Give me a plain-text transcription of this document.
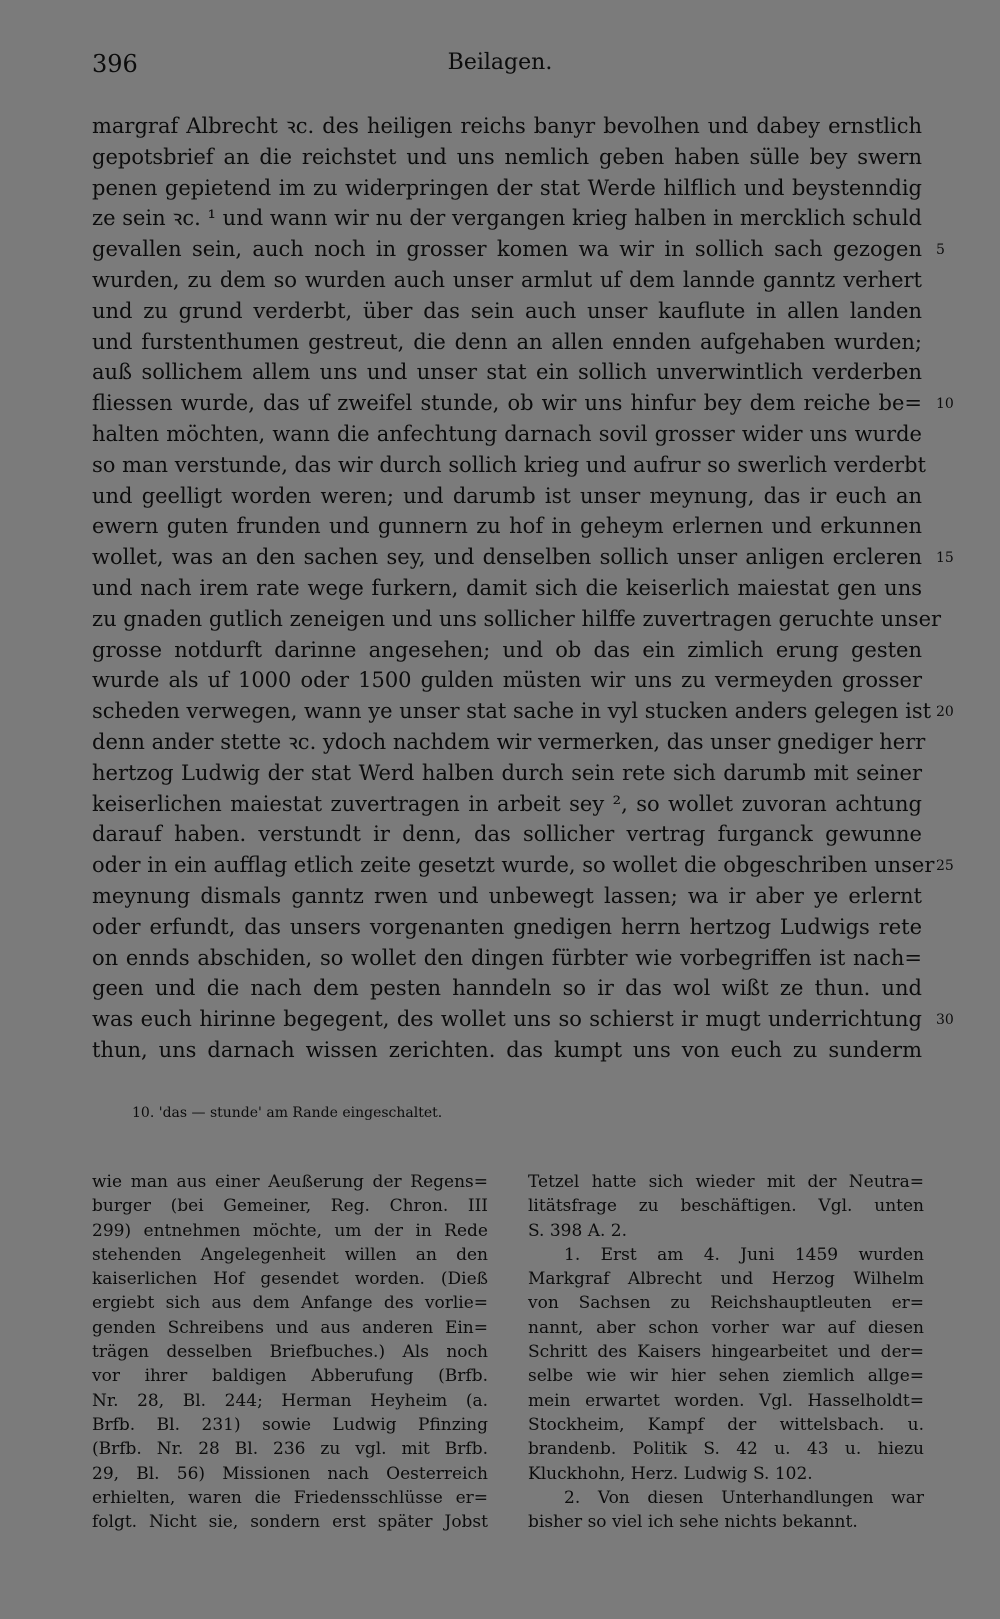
396	Beilagen.
margraf Albrecht ꝛc. des heiligen reichs banyr bevolhen und dabey ernstlich
gepotsbrief an die reichstet und uns nemlich geben haben sülle bey swern
penen gepietend im zu widerpringen der stat Werde hilflich und beystenndig
ze sein ꝛc. ¹ und wann wir nu der vergangen krieg halben in mercklich schuld
gevallen sein, auch noch in grosser komen wa wir in sollich sach gezogen
wurden, zu dem so wurden auch unser armlut uf dem lannde ganntz verhert
und zu grund verderbt, über das sein auch unser kauflute in allen landen
und furstenthumen gestreut, die denn an allen ennden aufgehaben wurden;
auß sollichem allem uns und unser stat ein sollich unverwintlich verderben
fliessen wurde, das uf zweifel stunde, ob wir uns hinfur bey dem reiche be=
halten möchten, wann die anfechtung darnach sovil grosser wider uns wurde
so man verstunde, das wir durch sollich krieg und aufrur so swerlich verderbt
und geelligt worden weren; und darumb ist unser meynung, das ir euch an
ewern guten frunden und gunnern zu hof in geheym erlernen und erkunnen
wollet, was an den sachen sey, und denselben sollich unser anligen ercleren
und nach irem rate wege furkern, damit sich die keiserlich maiestat gen uns
zu gnaden gutlich zeneigen und uns sollicher hilffe zuvertragen geruchte unser
grosse notdurft darinne angesehen; und ob das ein zimlich erung gesten
wurde als uf 1000 oder 1500 gulden müsten wir uns zu vermeyden grosser
scheden verwegen, wann ye unser stat sache in vyl stucken anders gelegen ist
denn ander stette ꝛc. ydoch nachdem wir vermerken, das unser gnediger herr
hertzog Ludwig der stat Werd halben durch sein rete sich darumb mit seiner
keiserlichen maiestat zuvertragen in arbeit sey ², so wollet zuvoran achtung
darauf haben. verstundt ir denn, das sollicher vertrag furganck gewunne
oder in ein aufflag etlich zeite gesetzt wurde, so wollet die obgeschriben unser
meynung dismals ganntz rwen und unbewegt lassen; wa ir aber ye erlernt
oder erfundt, das unsers vorgenanten gnedigen herrn hertzog Ludwigs rete
on ennds abschiden, so wollet den dingen fürbter wie vorbegriffen ist nach=
geen und die nach dem pesten hanndeln so ir das wol wißt ze thun. und
was euch hirinne begegent, des wollet uns so schierst ir mugt underrichtung
thun, uns darnach wissen zerichten. das kumpt uns von euch zu sunderm
5
10
15
20
25
30
10. 'das — stunde' am Rande eingeschaltet.
wie man aus einer Aeußerung der Regens=
burger (bei Gemeiner, Reg. Chron. III
299) entnehmen möchte, um der in Rede
stehenden Angelegenheit willen an den
kaiserlichen Hof gesendet worden. (Dieß
ergiebt sich aus dem Anfange des vorlie=
genden Schreibens und aus anderen Ein=
trägen desselben Briefbuches.) Als noch
vor ihrer baldigen Abberufung (Brfb.
Nr. 28, Bl. 244; Herman Heyheim (a.
Brfb. Bl. 231) sowie Ludwig Pfinzing
(Brfb. Nr. 28 Bl. 236 zu vgl. mit Brfb.
29, Bl. 56) Missionen nach Oesterreich
erhielten, waren die Friedensschlüsse er=
folgt. Nicht sie, sondern erst später Jobst
Tetzel hatte sich wieder mit der Neutra=
litätsfrage zu beschäftigen. Vgl. unten
S. 398 A. 2.
1. Erst am 4. Juni 1459 wurden
Markgraf Albrecht und Herzog Wilhelm
von Sachsen zu Reichshauptleuten er=
nannt, aber schon vorher war auf diesen
Schritt des Kaisers hingearbeitet und der=
selbe wie wir hier sehen ziemlich allge=
mein erwartet worden. Vgl. Hasselholdt=
Stockheim, Kampf der wittelsbach. u.
brandenb. Politik S. 42 u. 43 u. hiezu
Kluckhohn, Herz. Ludwig S. 102.
2. Von diesen Unterhandlungen war
bisher so viel ich sehe nichts bekannt.
